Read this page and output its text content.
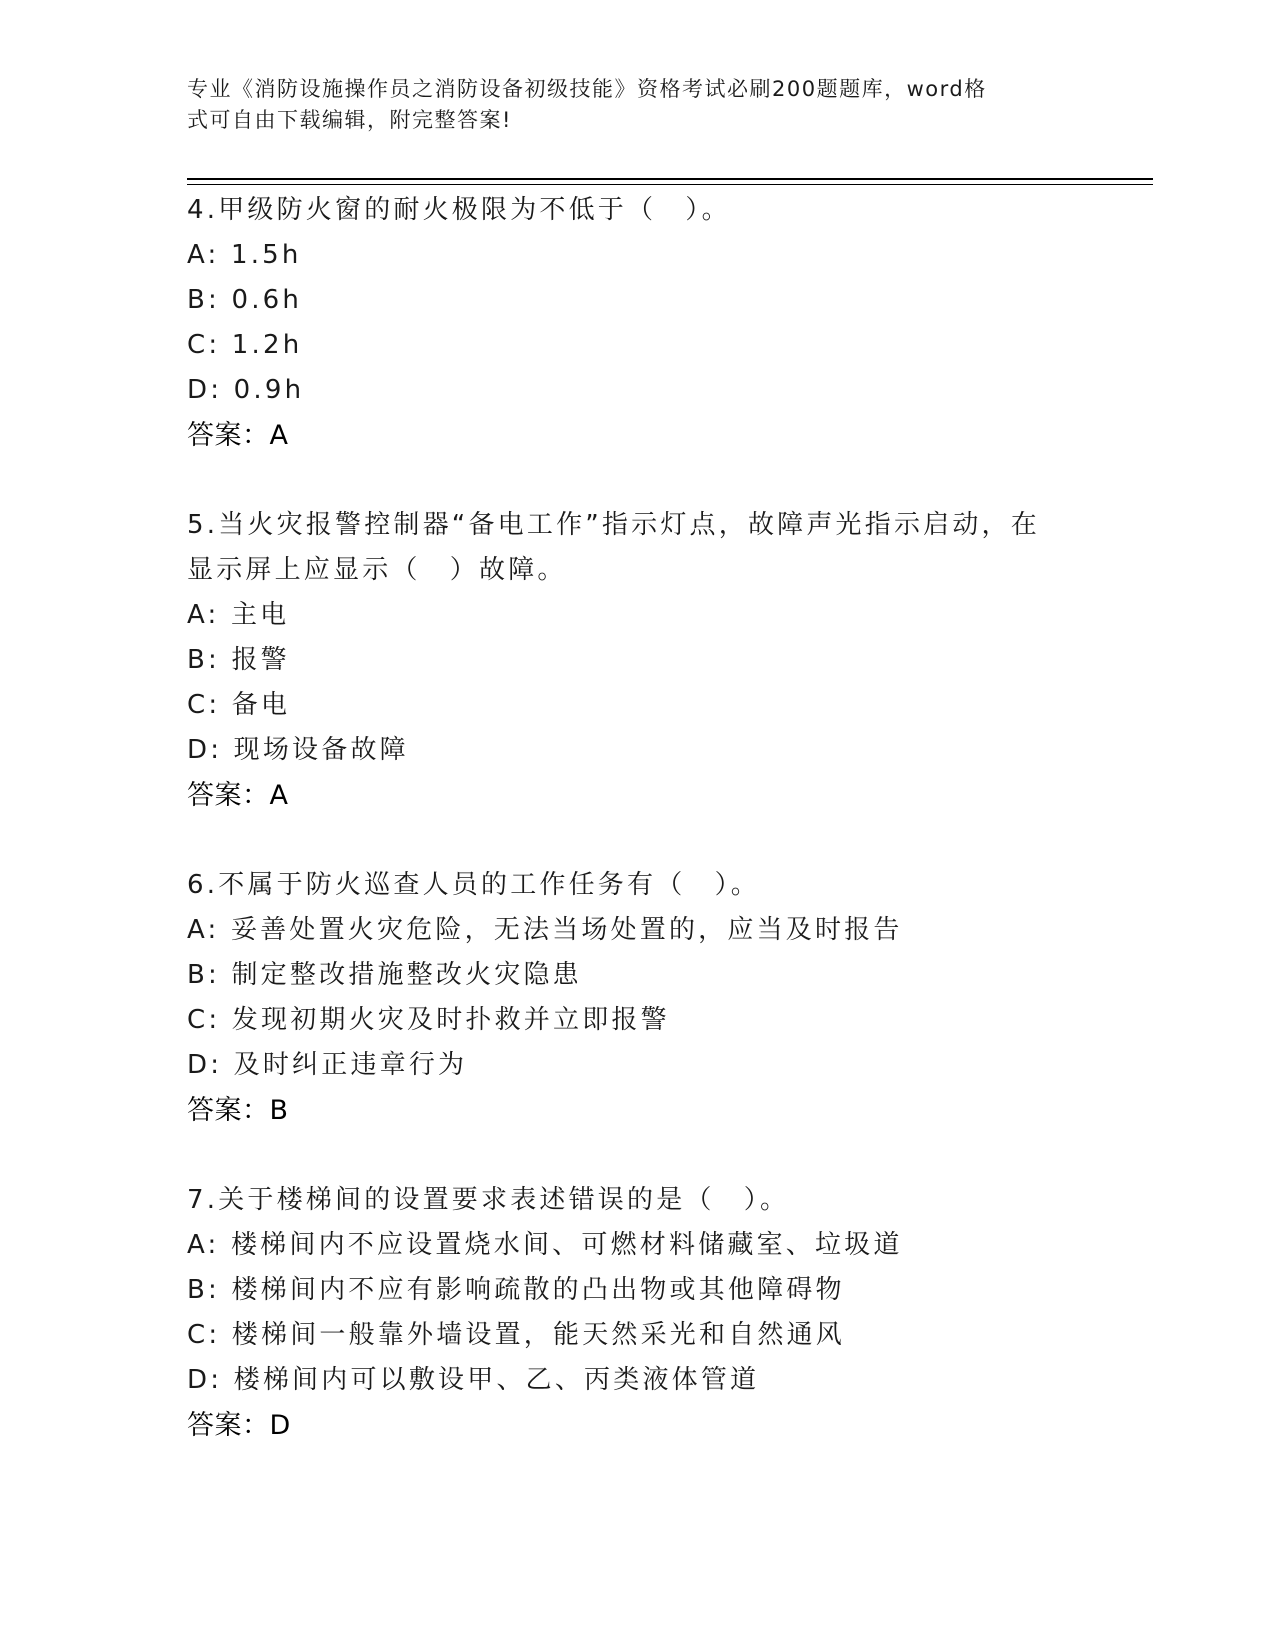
专业《消防设施操作员之消防设备初级技能》资格考试必刷200题题库，word格
式可自由下载编辑，附完整答案!
4.甲级防火窗的耐火极限为不低于（　）。
A: 1.5h
B: 0.6h
C: 1.2h
D: 0.9h
答案：A
5.当火灾报警控制器“备电工作”指示灯点，故障声光指示启动，在
显示屏上应显示（　）故障。
A: 主电
B: 报警
C: 备电
D: 现场设备故障
答案：A
6.不属于防火巡查人员的工作任务有（　）。
A: 妥善处置火灾危险，无法当场处置的，应当及时报告
B: 制定整改措施整改火灾隐患
C: 发现初期火灾及时扑救并立即报警
D: 及时纠正违章行为
答案：B
7.关于楼梯间的设置要求表述错误的是（　）。
A: 楼梯间内不应设置烧水间、可燃材料储藏室、垃圾道
B: 楼梯间内不应有影响疏散的凸出物或其他障碍物
C: 楼梯间一般靠外墙设置，能天然采光和自然通风
D: 楼梯间内可以敷设甲、乙、丙类液体管道
答案：D
